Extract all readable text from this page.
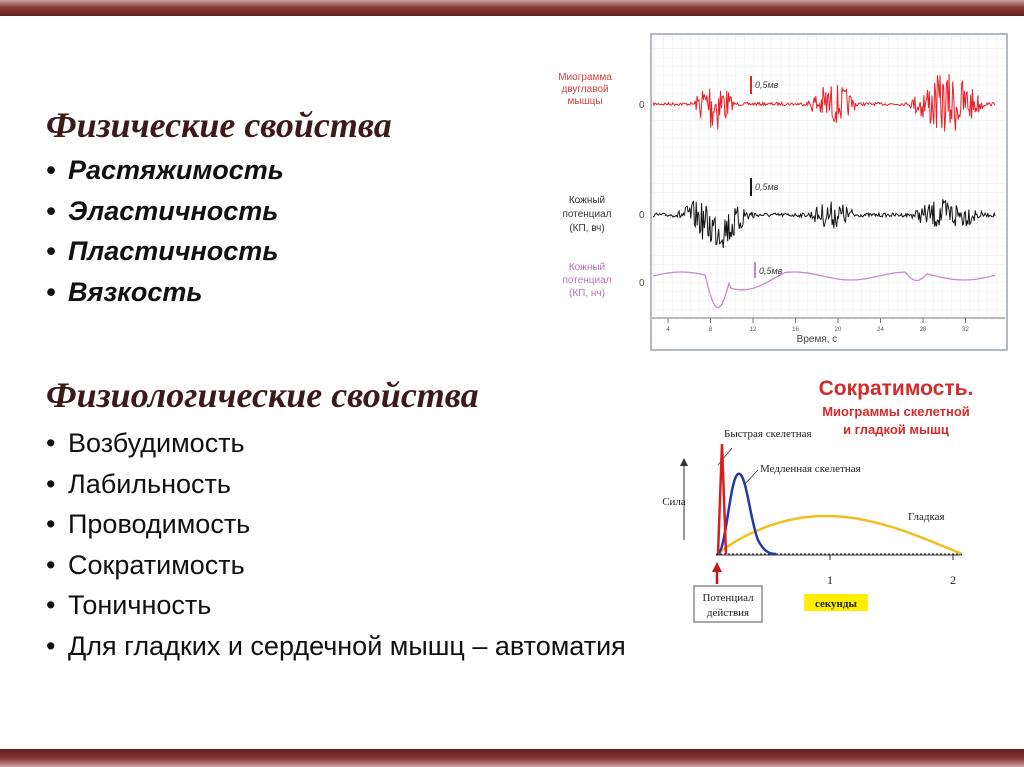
Физические свойства
• Растяжимость
• Эластичность
• Пластичность
• Вязкость
Физиологические свойства
• Возбудимость
• Лабильность
• Проводимость
• Сократимость
• Тоничность
• Для гладких и сердечной мышц – автоматия
4	8	12	16	20	24	28	32
Миограмма
двуглавой
мышцы
Кожный
потенциал
(КП, вч)
Кожный
потенциал
(КП, нч)
0
0
0
0,5мв
0,5мв
0,5мв
Время, с
Сократимость.
Миограммы скелетной
и гладкой мышц
Быстрая скелетная
Медленная скелетная
Гладкая
Сила
1	2
Потенциал
действия
секунды
